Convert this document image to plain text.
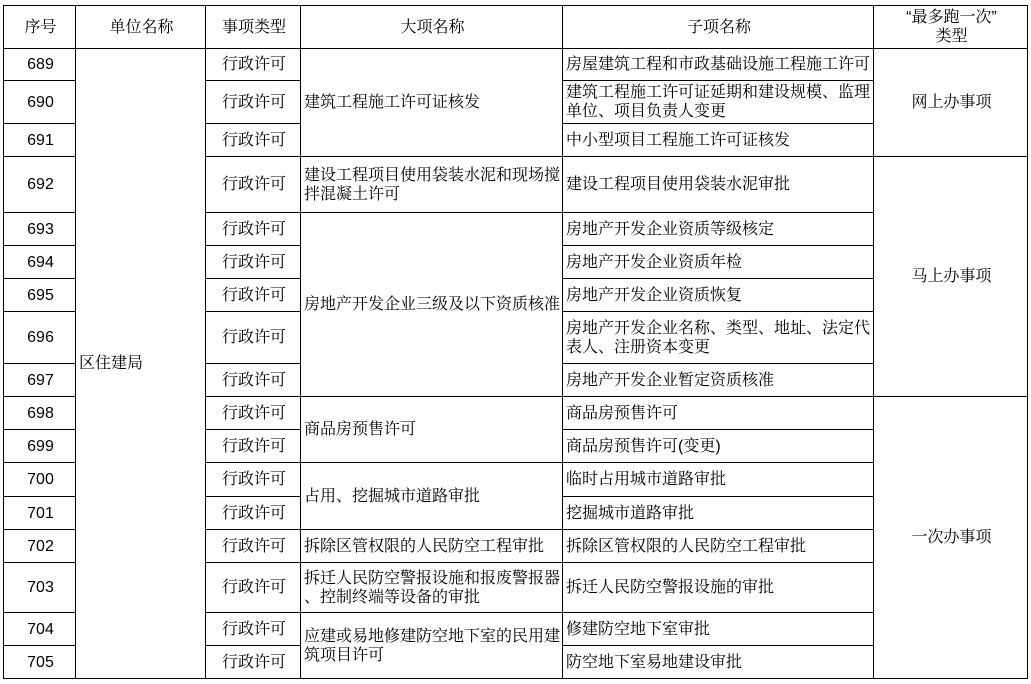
序号	单位名称	事项类型	大项名称	子项名称	“最多跑一次”
类型
689	区住建局	行政许可	建筑工程施工许可证核发	房屋建筑工程和市政基础设施工程施工许可	网上办事项
690		行政许可		建筑工程施工许可证延期和建设规模、监理单位、项目负责人变更	
691		行政许可		中小型项目工程施工许可证核发	
692		行政许可	建设工程项目使用袋装水泥和现场搅拌混凝土许可	建设工程项目使用袋装水泥审批	马上办事项
693		行政许可	房地产开发企业三级及以下资质核准	房地产开发企业资质等级核定	
694		行政许可		房地产开发企业资质年检	
695		行政许可		房地产开发企业资质恢复	
696		行政许可		房地产开发企业名称、类型、地址、法定代表人、注册资本变更	
697		行政许可		房地产开发企业暂定资质核准	
698		行政许可	商品房预售许可	商品房预售许可	一次办事项
699		行政许可		商品房预售许可(变更)	
700		行政许可	占用、挖掘城市道路审批	临时占用城市道路审批	
701		行政许可		挖掘城市道路审批	
702		行政许可	拆除区管权限的人民防空工程审批	拆除区管权限的人民防空工程审批	
703		行政许可	拆迁人民防空警报设施和报废警报器、控制终端等设备的审批	拆迁人民防空警报设施的审批	
704		行政许可	应建或易地修建防空地下室的民用建筑项目许可	修建防空地下室审批	
705		行政许可		防空地下室易地建设审批	
